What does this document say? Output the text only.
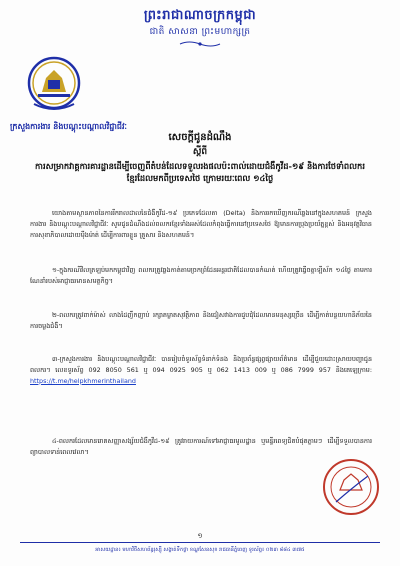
ព្រះរាជាណាចក្រកម្ពុជា
ជាតិ សាសនា ព្រះមហាក្សត្រ
ក្រសួងការងារ និងបណ្តុះបណ្តាលវិជ្ជាជីវៈ
សេចក្តីជូនដំណឹង
ស្តីពី
ការសម្រាកវាគ្គការគារដ្ឋានដើម្បីចេញពីតំបន់ដែលទទួលរងផលប៉ះពាល់ដោយជំងឺកូវីដ-១៩ និងការថែទាំពលករខ្មែរដែលមកពីប្រទេសថៃ ក្រោមរយៈពេល ១៤ថ្ងៃ
យោងតាមស្ថានភាពនៃការរីករាលដាលនៃជំងឺកូវីដ-១៩ ប្រភេទដែលតា (Delta) និងការរកឃើញករណីឆ្លងនៅក្នុងសហគមន៍ ក្រសួងការងារ និងបណ្តុះបណ្តាលវិជ្ជាជីវៈ សូមជូនដំណឹងដល់ពលករខ្មែរទាំងអស់ដែលកំពុងធ្វើការនៅប្រទេសថៃ ឱ្យមានការប្រុងប្រយ័ត្នខ្ពស់ និងអនុវត្តវិធានការសុខាភិបាលដោយម៉ឺងម៉ាត់ ដើម្បីការពារខ្លួន គ្រួសារ និងសហគមន៍។
១-ក្នុងករណីវិលត្រឡប់មកកម្ពុជាវិញ ពលករត្រូវឆ្លងកាត់តាមច្រកព្រំដែនអន្តរជាតិដែលបានកំណត់ ហើយត្រូវធ្វើចត្តាឡីស័ក ១៤ថ្ងៃ តាមការណែនាំរបស់អាជ្ញាធរមានសមត្ថកិច្ច។
២-ពលករត្រូវពាក់ម៉ាស់ លាងដៃញឹកញាប់ រក្សាគម្លាតសុវត្ថិភាព និងជៀសវាងការជួបជុំដែលមានមនុស្សច្រើន ដើម្បីកាត់បន្ថយហានិភ័យនៃការចម្លងជំងឺ។
៣-ក្រសួងការងារ និងបណ្តុះបណ្តាលវិជ្ជាជីវៈ បានរៀបចំទូរស័ព្ទទំនាក់ទំនង និងប្រព័ន្ធផ្សព្វផ្សាយព័ត៌មាន ដើម្បីជួយដោះស្រាយបញ្ហាជូនពលករ។ លេខទូរស័ព្ទ 092 8050 561 ឬ 094 0925 905 ឬ 062 1413 009 ឬ 086 7999 957 និងតេឡេក្រាម: https://t.me/helpkhmerinthailand
៤-ពលករដែលមានរោគសញ្ញាសង្ស័យជំងឺកូវីដ-១៩ ត្រូវរាយការណ៍ទៅអាជ្ញាធរមូលដ្ឋាន ឬមន្ទីរពេទ្យជិតបំផុតភ្លាមៗ ដើម្បីទទួលបានការព្យាបាលទាន់ពេលវេលា។
១
អាសយដ្ឋាន៖ មហាវិថីសហព័ន្ធរុស្ស៊ី សង្កាត់ទឹកថ្លា ខណ្ឌសែនសុខ រាជធានីភ្នំពេញ ទូរស័ព្ទ៖ ០២៣ ៨៨៤ ៣៧៥
